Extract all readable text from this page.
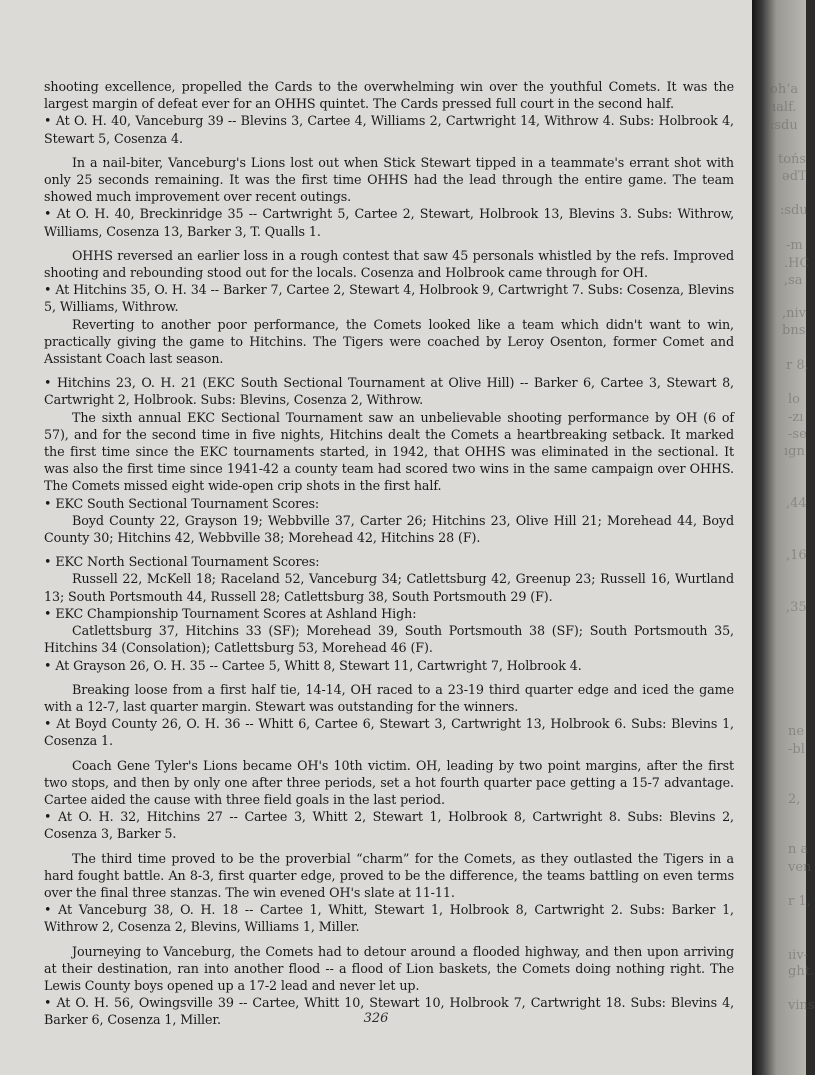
shooting excellence, propelled the Cards to the overwhelming win over the youthful Comets. It was the largest margin of defeat ever for an OHHS quintet. The Cards pressed full court in the second half.

• At O. H. 40, Vanceburg 39 -- Blevins 3, Cartee 4, Williams 2, Cartwright 14, Withrow 4. Subs: Holbrook 4, Stewart 5, Cosenza 4.

In a nail-biter, Vanceburg's Lions lost out when Stick Stewart tipped in a teammate's errant shot with only 25 seconds remaining. It was the first time OHHS had the lead through the entire game. The team showed much improvement over recent outings.

• At O. H. 40, Breckinridge 35 -- Cartwright 5, Cartee 2, Stewart, Holbrook 13, Blevins 3. Subs: Withrow, Williams, Cosenza 13, Barker 3, T. Qualls 1.

OHHS reversed an earlier loss in a rough contest that saw 45 personals whistled by the refs. Improved shooting and rebounding stood out for the locals. Cosenza and Holbrook came through for OH.

• At Hitchins 35, O. H. 34 -- Barker 7, Cartee 2, Stewart 4, Holbrook 9, Cartwright 7. Subs: Cosenza, Blevins 5, Williams, Withrow.

Reverting to another poor performance, the Comets looked like a team which didn't want to win, practically giving the game to Hitchins. The Tigers were coached by Leroy Osenton, former Comet and Assistant Coach last season.

• Hitchins 23, O. H. 21 (EKC South Sectional Tournament at Olive Hill) -- Barker 6, Cartee 3, Stewart 8, Cartwright 2, Holbrook. Subs: Blevins, Cosenza 2, Withrow.

The sixth annual EKC Sectional Tournament saw an unbelievable shooting performance by OH (6 of 57), and for the second time in five nights, Hitchins dealt the Comets a heartbreaking setback. It marked the first time since the EKC tournaments started, in 1942, that OHHS was eliminated in the sectional. It was also the first time since 1941-42 a county team had scored two wins in the same campaign over OHHS. The Comets missed eight wide-open crip shots in the first half.

• EKC South Sectional Tournament Scores:

Boyd County 22, Grayson 19; Webbville 37, Carter 26; Hitchins 23, Olive Hill 21; Morehead 44, Boyd County 30; Hitchins 42, Webbville 38; Morehead 42, Hitchins 28 (F).

• EKC North Sectional Tournament Scores:

Russell 22, McKell 18; Raceland 52, Vanceburg 34; Catlettsburg 42, Greenup 23; Russell 16, Wurtland 13; South Portsmouth 44, Russell 28; Catlettsburg 38, South Portsmouth 29 (F).

• EKC Championship Tournament Scores at Ashland High:

Catlettsburg 37, Hitchins 33 (SF); Morehead 39, South Portsmouth 38 (SF); South Portsmouth 35, Hitchins 34 (Consolation); Catlettsburg 53, Morehead 46 (F).

• At Grayson 26, O. H. 35 -- Cartee 5, Whitt 8, Stewart 11, Cartwright 7, Holbrook 4.

Breaking loose from a first half tie, 14-14, OH raced to a 23-19 third quarter edge and iced the game with a 12-7, last quarter margin. Stewart was outstanding for the winners.

• At Boyd County 26, O. H. 36 -- Whitt 6, Cartee 6, Stewart 3, Cartwright 13, Holbrook 6. Subs: Blevins 1, Cosenza 1.

Coach Gene Tyler's Lions became OH's 10th victim. OH, leading by two point margins, after the first two stops, and then by only one after three periods, set a hot fourth quarter pace getting a 15-7 advantage. Cartee aided the cause with three field goals in the last period.

• At O. H. 32, Hitchins 27 -- Cartee 3, Whitt 2, Stewart 1, Holbrook 8, Cartwright 8. Subs: Blevins 2, Cosenza 3, Barker 5.

The third time proved to be the proverbial “charm” for the Comets, as they outlasted the Tigers in a hard fought battle. An 8-3, first quarter edge, proved to be the difference, the teams battling on even terms over the final three stanzas. The win evened OH's slate at 11-11.

• At Vanceburg 38, O. H. 18 -- Cartee 1, Whitt, Stewart 1, Holbrook 8, Cartwright 2. Subs: Barker 1, Withrow 2, Cosenza 2, Blevins, Williams 1, Miller.

Journeying to Vanceburg, the Comets had to detour around a flooded highway, and then upon arriving at their destination, ran into another flood -- a flood of Lion baskets, the Comets doing nothing right. The Lewis County boys opened up a 17-2 lead and never let up.

• At O. H. 56, Owingsville 39 -- Cartee, Whitt 10, Stewart 10, Holbrook 7, Cartwright 18. Subs: Blevins 4, Barker 6, Cosenza 1, Miller.	326
ohʻa
ıalf.
:sdu
tońs
ədT
:sdu
-m
.HC
,sa
,niv
bns
r 8,
lo
-zı
-se
ıgn
,44
,16
,35
ne
-bl
2,
n a
ven
r 1,
ıiv-
ght.
vins
